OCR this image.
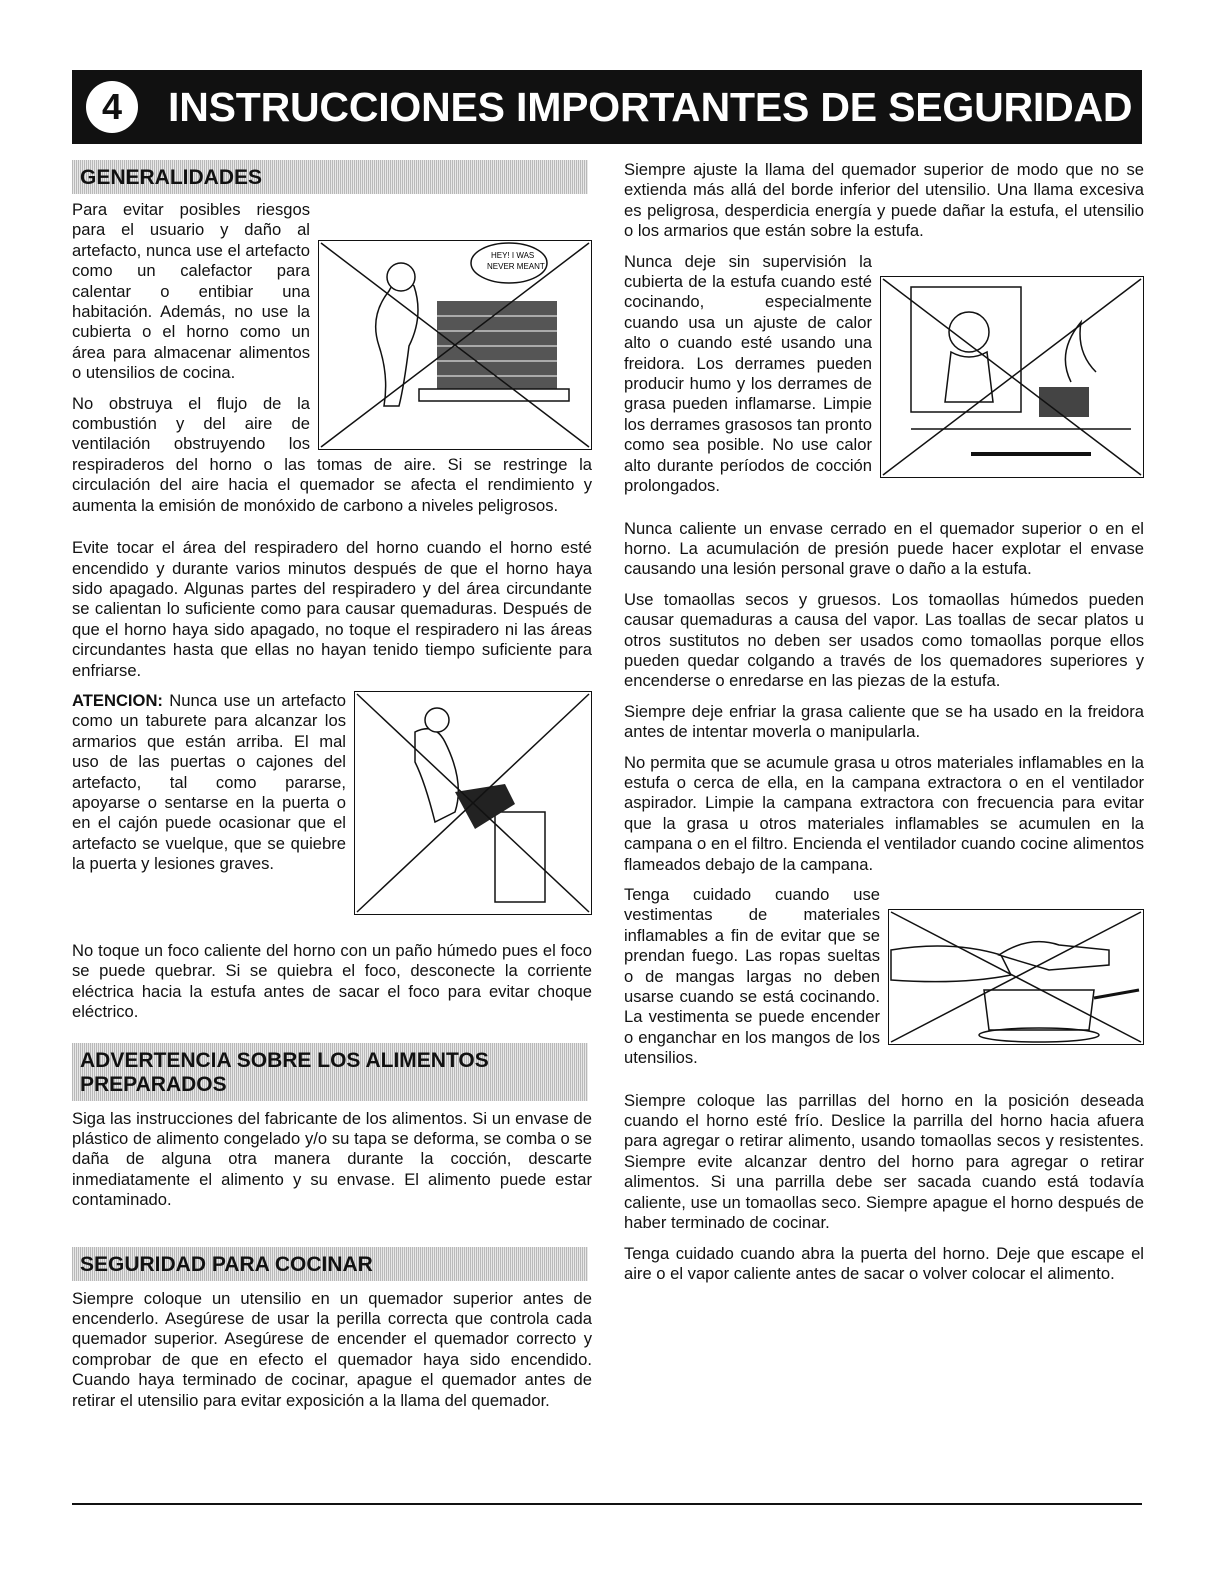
4	INSTRUCCIONES IMPORTANTES DE SEGURIDAD
GENERALIDADES
HEY! I WAS
NEVER MEANT

Para evitar posibles riesgos para el usuario y daño al artefacto, nunca use el artefacto como un calefactor para calentar o entibiar una habitación. Además, no use la cubierta o el horno como un área para almacenar alimentos o utensilios de cocina.

No obstruya el flujo de la combustión y del aire de ventilación obstruyendo los respiraderos del horno o las tomas de aire. Si se restringe la circulación del aire hacia el quemador se afecta el rendimiento y aumenta la emisión de monóxido de carbono a niveles peligrosos.

Evite tocar el área del respiradero del horno cuando el horno esté encendido y durante varios minutos después de que el horno haya sido apagado. Algunas partes del respiradero y del área circundante se calientan lo suficiente como para causar quemaduras. Después de que el horno haya sido apagado, no toque el respiradero ni las áreas circundantes hasta que ellas no hayan tenido tiempo suficiente para enfriarse.

ATENCION: Nunca use un artefacto como un taburete para alcanzar los armarios que están arriba. El mal uso de las puertas o cajones del artefacto, tal como pararse, apoyarse o sentarse en la puerta o en el cajón puede ocasionar que el artefacto se vuelque, que se quiebre la puerta y lesiones graves.

No toque un foco caliente del horno con un paño húmedo pues el foco se puede quebrar. Si se quiebra el foco, desconecte la corriente eléctrica hacia la estufa antes de sacar el foco para evitar choque eléctrico.

ADVERTENCIA SOBRE LOS ALIMENTOS
PREPARADOS

Siga las instrucciones del fabricante de los alimentos. Si un envase de plástico de alimento congelado y/o su tapa se deforma, se comba o se daña de alguna otra manera durante la cocción, descarte inmediatamente el alimento y su envase. El alimento puede estar contaminado.

SEGURIDAD PARA COCINAR

Siempre coloque un utensilio en un quemador superior antes de encenderlo. Asegúrese de usar la perilla correcta que controla cada quemador superior. Asegúrese de encender el quemador correcto y comprobar de que en efecto el quemador haya sido encendido. Cuando haya terminado de cocinar, apague el quemador antes de retirar el utensilio para evitar exposición a la llama del quemador.

Siempre ajuste la llama del quemador superior de modo que no se extienda más allá del borde inferior del utensilio. Una llama excesiva es peligrosa, desperdicia energía y puede dañar la estufa, el utensilio o los armarios que están sobre la estufa.

Nunca deje sin supervisión la cubierta de la estufa cuando esté cocinando, especialmente cuando usa un ajuste de calor alto o cuando esté usando una freidora. Los derrames pueden producir humo y los derrames de grasa pueden inflamarse. Limpie los derrames grasosos tan pronto como sea posible. No use calor alto durante períodos de cocción prolongados.

Nunca caliente un envase cerrado en el quemador superior o en el horno. La acumulación de presión puede hacer explotar el envase causando una lesión personal grave o daño a la estufa.

Use tomaollas secos y gruesos. Los tomaollas húmedos pueden causar quemaduras a causa del vapor. Las toallas de secar platos u otros sustitutos no deben ser usados como tomaollas porque ellos pueden quedar colgando a través de los quemadores superiores y encenderse o enredarse en las piezas de la estufa.

Siempre deje enfriar la grasa caliente que se ha usado en la freidora antes de intentar moverla o manipularla.

No permita que se acumule grasa u otros materiales inflamables en la estufa o cerca de ella, en la campana extractora o en el ventilador aspirador. Limpie la campana extractora con frecuencia para evitar que la grasa u otros materiales inflamables se acumulen en la campana o en el filtro. Encienda el ventilador cuando cocine alimentos flameados debajo de la campana.

Tenga cuidado cuando use vestimentas de materiales inflamables a fin de evitar que se prendan fuego. Las ropas sueltas o de mangas largas no deben usarse cuando se está cocinando. La vestimenta se puede encender o enganchar en los mangos de los utensilios.

Siempre coloque las parrillas del horno en la posición deseada cuando el horno esté frío. Deslice la parrilla del horno hacia afuera para agregar o retirar alimento, usando tomaollas secos y resistentes. Siempre evite alcanzar dentro del horno para agregar o retirar alimentos. Si una parrilla debe ser sacada cuando está todavía caliente, use un tomaollas seco. Siempre apague el horno después de haber terminado de cocinar.

Tenga cuidado cuando abra la puerta del horno. Deje que escape el aire o el vapor caliente antes de sacar o volver colocar el alimento.
